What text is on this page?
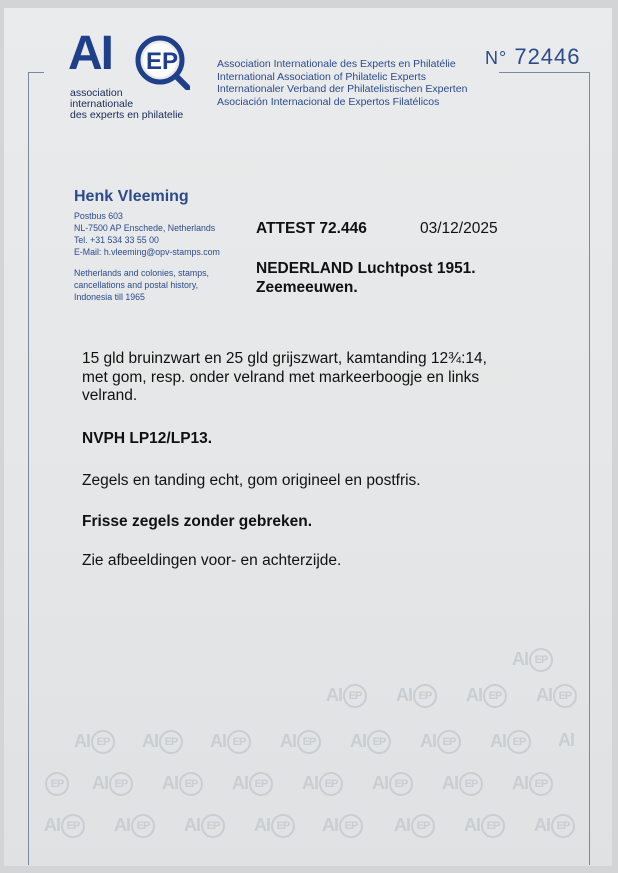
AI EP
association
internationale
des experts en philatelie
Association Internationale des Experts en Philatélie
International Association of Philatelic Experts
Internationaler Verband der Philatelistischen Experten
Asociación Internacional de Expertos Filatélicos
N° 72446
Henk Vleeming
Postbus 603
NL-7500 AP Enschede, Netherlands
Tel. +31 534 33 55 00
E-Mail: h.vleeming@opv-stamps.com
Netherlands and colonies, stamps,
cancellations and postal history,
Indonesia till 1965
ATTEST 72.446	03/12/2025
NEDERLAND Luchtpost 1951.
Zeemeeuwen.
15 gld bruinzwart en 25 gld grijszwart, kamtanding 12¾:14,
met gom, resp. onder velrand met markeerboogje en links
velrand.
NVPH LP12/LP13.
Zegels en tanding echt, gom origineel en postfris.
Frisse zegels zonder gebreken.
Zie afbeeldingen voor- en achterzijde.
AI EP
AI EP	AI EP	AI EP	AI EP
AI EP	AI EP	AI EP	AI EP	AI EP	AI EP	AI EP	AI
EP	AI EP	AI EP	AI EP	AI EP	AI EP	AI EP	AI EP
AI EP	AI EP	AI EP	AI EP	AI EP	AI EP	AI EP	AI EP
